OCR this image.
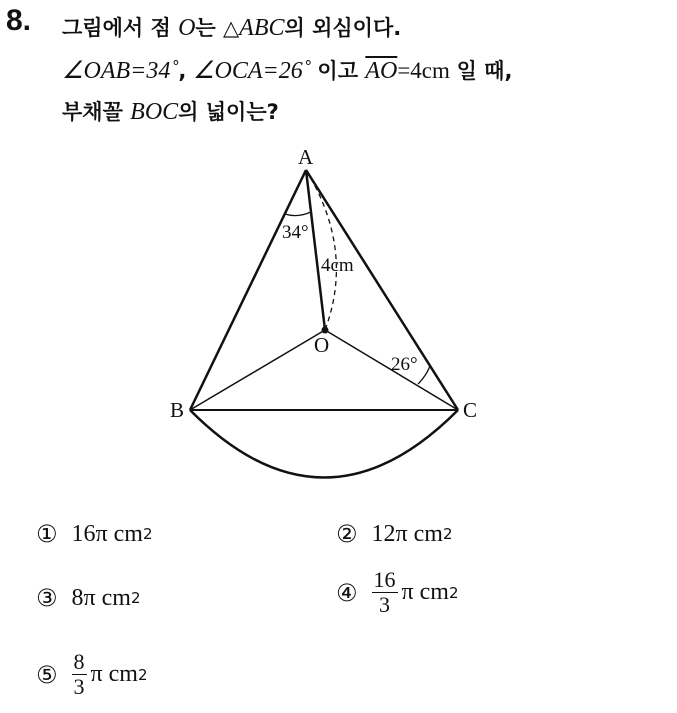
8. 그림에서 점 O는 △ABC의 외심이다.
∠OAB=34˚, ∠OCA=26˚ 이고 $\overline{AO}=4cm$ 일 때,
부채꼴 BOC의 넓이는?
A
B	C
O
34°
4cm
26°
① 16π cm 2	② 12π cm 2
③ 8π cm 2	④ $\frac{16}{3}$ π cm 2
⑤ $\frac{8}{3}$ π cm 2
